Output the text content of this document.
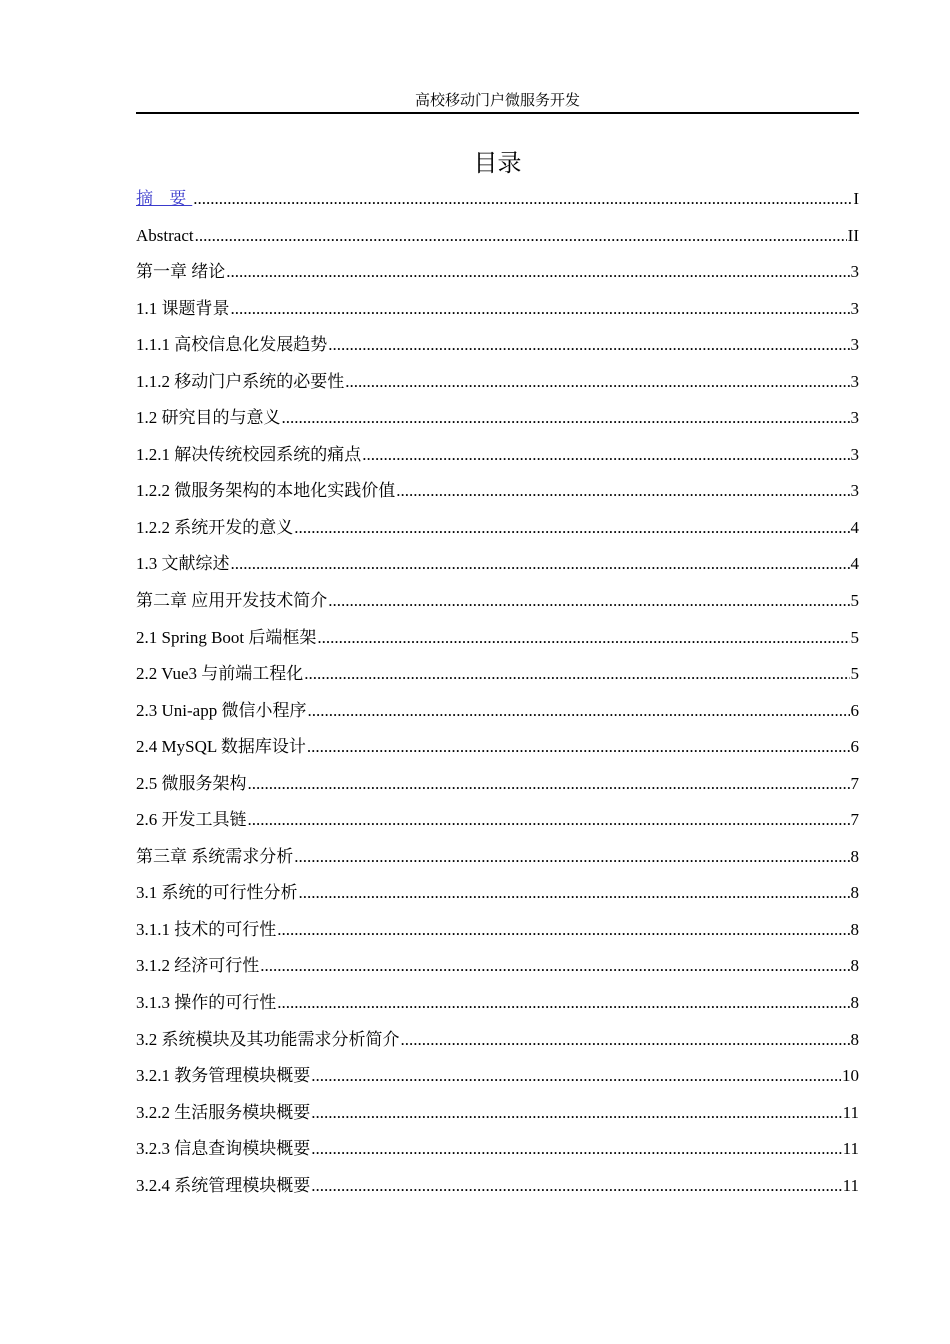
高校移动门户微服务开发
目录
摘 要 .....	I
Abstract .....	II
第一章 绪论 .....	3
1.1 课题背景 .....	3
1.1.1 高校信息化发展趋势 .....	3
1.1.2 移动门户系统的必要性 .....	3
1.2 研究目的与意义 .....	3
1.2.1 解决传统校园系统的痛点 .....	3
1.2.2 微服务架构的本地化实践价值 .....	3
1.2.2 系统开发的意义 .....	4
1.3 文献综述 .....	4
第二章 应用开发技术简介 .....	5
2.1 Spring Boot 后端框架 .....	5
2.2 Vue3 与前端工程化 .....	5
2.3 Uni-app 微信小程序 .....	6
2.4 MySQL 数据库设计 .....	6
2.5 微服务架构 .....	7
2.6 开发工具链 .....	7
第三章 系统需求分析 .....	8
3.1 系统的可行性分析 .....	8
3.1.1 技术的可行性 .....	8
3.1.2 经济可行性 .....	8
3.1.3 操作的可行性 .....	8
3.2 系统模块及其功能需求分析简介 .....	8
3.2.1 教务管理模块概要 .....	10
3.2.2 生活服务模块概要 .....	11
3.2.3 信息查询模块概要 .....	11
3.2.4 系统管理模块概要 .....	11
